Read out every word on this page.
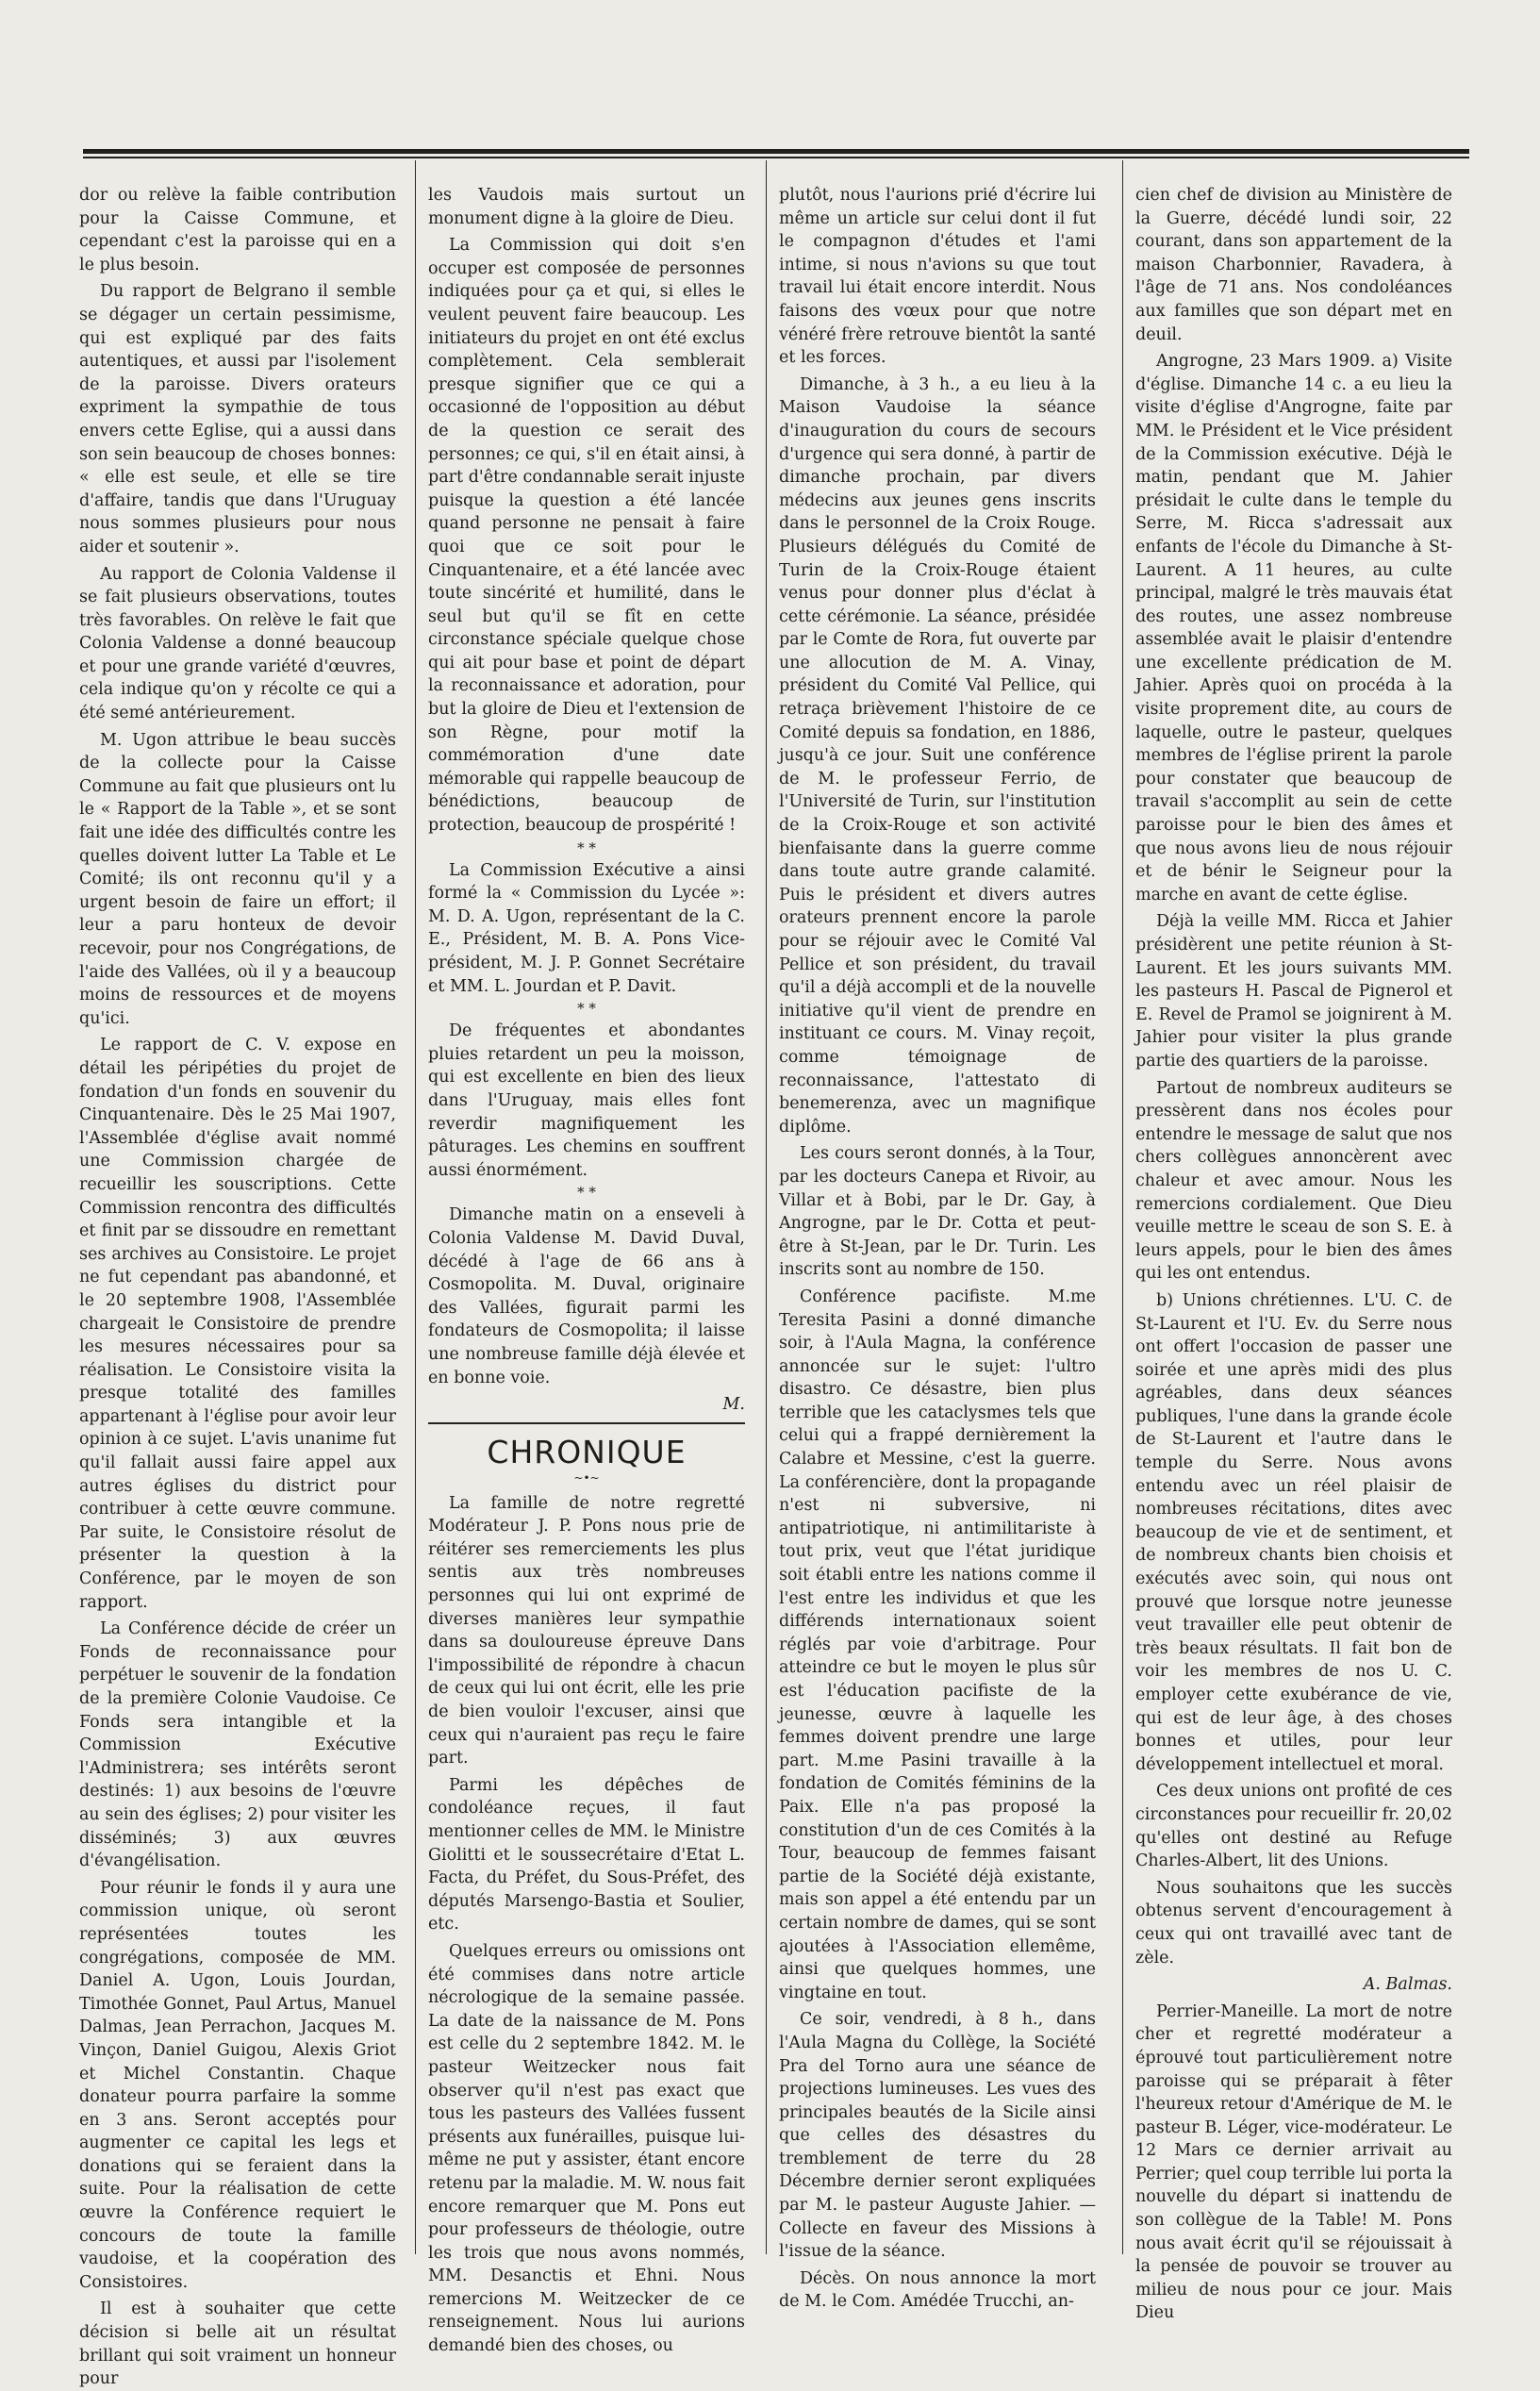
dor ou relève la faible contribution pour la Caisse Commune, et cependant c'est la paroisse qui en a le plus besoin.

Du rapport de Belgrano il semble se dégager un certain pessimisme, qui est expliqué par des faits autentiques, et aussi par l'isolement de la paroisse. Divers orateurs expriment la sympathie de tous envers cette Eglise, qui a aussi dans son sein beaucoup de choses bonnes: « elle est seule, et elle se tire d'affaire, tandis que dans l'Uruguay nous sommes plusieurs pour nous aider et soutenir ».

Au rapport de Colonia Valdense il se fait plusieurs observations, toutes très favorables. On relève le fait que Colonia Valdense a donné beaucoup et pour une grande variété d'œuvres, cela indique qu'on y récolte ce qui a été semé antérieurement.

M. Ugon attribue le beau succès de la collecte pour la Caisse Commune au fait que plusieurs ont lu le « Rapport de la Table », et se sont fait une idée des difficultés contre les quelles doivent lutter La Table et Le Comité; ils ont reconnu qu'il y a urgent besoin de faire un effort; il leur a paru honteux de devoir recevoir, pour nos Congrégations, de l'aide des Vallées, où il y a beaucoup moins de ressources et de moyens qu'ici.

Le rapport de C. V. expose en détail les péripéties du projet de fondation d'un fonds en souvenir du Cinquantenaire. Dès le 25 Mai 1907, l'Assemblée d'église avait nommé une Commission chargée de recueillir les souscriptions. Cette Commission rencontra des difficultés et finit par se dissoudre en remettant ses archives au Consistoire. Le projet ne fut cependant pas abandonné, et le 20 septembre 1908, l'Assemblée chargeait le Consistoire de prendre les mesures nécessaires pour sa réalisation. Le Consistoire visita la presque totalité des familles appartenant à l'église pour avoir leur opinion à ce sujet. L'avis unanime fut qu'il fallait aussi faire appel aux autres églises du district pour contribuer à cette œuvre commune. Par suite, le Consistoire résolut de présenter la question à la Conférence, par le moyen de son rapport.

La Conférence décide de créer un Fonds de reconnaissance pour perpétuer le souvenir de la fondation de la première Colonie Vaudoise. Ce Fonds sera intangible et la Commission Exécutive l'Administrera; ses intérêts seront destinés: 1) aux besoins de l'œuvre au sein des églises; 2) pour visiter les disséminés; 3) aux œuvres d'évangélisation.

Pour réunir le fonds il y aura une commission unique, où seront représentées toutes les congrégations, composée de MM. Daniel A. Ugon, Louis Jourdan, Timothée Gonnet, Paul Artus, Manuel Dalmas, Jean Perrachon, Jacques M. Vinçon, Daniel Guigou, Alexis Griot et Michel Constantin. Chaque donateur pourra parfaire la somme en 3 ans. Seront acceptés pour augmenter ce capital les legs et donations qui se feraient dans la suite. Pour la réalisation de cette œuvre la Conférence requiert le concours de toute la famille vaudoise, et la coopération des Consistoires.

Il est à souhaiter que cette décision si belle ait un résultat brillant qui soit vraiment un honneur pour

les Vaudois mais surtout un monument digne à la gloire de Dieu.

La Commission qui doit s'en occuper est composée de personnes indiquées pour ça et qui, si elles le veulent peuvent faire beaucoup. Les initiateurs du projet en ont été exclus complètement. Cela semblerait presque signifier que ce qui a occasionné de l'opposition au début de la question ce serait des personnes; ce qui, s'il en était ainsi, à part d'être condannable serait injuste puisque la question a été lancée quand personne ne pensait à faire quoi que ce soit pour le Cinquantenaire, et a été lancée avec toute sincérité et humilité, dans le seul but qu'il se fît en cette circonstance spéciale quelque chose qui ait pour base et point de départ la reconnaissance et adoration, pour but la gloire de Dieu et l'extension de son Règne, pour motif la commémoration d'une date mémorable qui rappelle beaucoup de bénédictions, beaucoup de protection, beaucoup de prospérité !

* *

La Commission Exécutive a ainsi formé la « Commission du Lycée »: M. D. A. Ugon, représentant de la C. E., Président, M. B. A. Pons Vice-président, M. J. P. Gonnet Secrétaire et MM. L. Jourdan et P. Davit.

* *

De fréquentes et abondantes pluies retardent un peu la moisson, qui est excellente en bien des lieux dans l'Uruguay, mais elles font reverdir magnifiquement les pâturages. Les chemins en souffrent aussi énormément.

* *

Dimanche matin on a enseveli à Colonia Valdense M. David Duval, décédé à l'age de 66 ans à Cosmopolita. M. Duval, originaire des Vallées, figurait parmi les fondateurs de Cosmopolita; il laisse une nombreuse famille déjà élevée et en bonne voie.

M.

CHRONIQUE
~•~

La famille de notre regretté Modérateur J. P. Pons nous prie de réitérer ses remerciements les plus sentis aux très nombreuses personnes qui lui ont exprimé de diverses manières leur sympathie dans sa douloureuse épreuve Dans l'impossibilité de répondre à chacun de ceux qui lui ont écrit, elle les prie de bien vouloir l'excuser, ainsi que ceux qui n'auraient pas reçu le faire part.

Parmi les dépêches de condoléance reçues, il faut mentionner celles de MM. le Ministre Giolitti et le soussecrétaire d'Etat L. Facta, du Préfet, du Sous-Préfet, des députés Marsengo-Bastia et Soulier, etc.

Quelques erreurs ou omissions ont été commises dans notre article nécrologique de la semaine passée. La date de la naissance de M. Pons est celle du 2 septembre 1842. M. le pasteur Weitzecker nous fait observer qu'il n'est pas exact que tous les pasteurs des Vallées fussent présents aux funérailles, puisque lui-même ne put y assister, étant encore retenu par la maladie. M. W. nous fait encore remarquer que M. Pons eut pour professeurs de théologie, outre les trois que nous avons nommés, MM. Desanctis et Ehni. Nous remercions M. Weitzecker de ce renseignement. Nous lui aurions demandé bien des choses, ou

plutôt, nous l'aurions prié d'écrire lui même un article sur celui dont il fut le compagnon d'études et l'ami intime, si nous n'avions su que tout travail lui était encore interdit. Nous faisons des vœux pour que notre vénéré frère retrouve bientôt la santé et les forces.

Dimanche, à 3 h., a eu lieu à la Maison Vaudoise la séance d'inauguration du cours de secours d'urgence qui sera donné, à partir de dimanche prochain, par divers médecins aux jeunes gens inscrits dans le personnel de la Croix Rouge. Plusieurs délégués du Comité de Turin de la Croix-Rouge étaient venus pour donner plus d'éclat à cette cérémonie. La séance, présidée par le Comte de Rora, fut ouverte par une allocution de M. A. Vinay, président du Comité Val Pellice, qui retraça brièvement l'histoire de ce Comité depuis sa fondation, en 1886, jusqu'à ce jour. Suit une conférence de M. le professeur Ferrio, de l'Université de Turin, sur l'institution de la Croix-Rouge et son activité bienfaisante dans la guerre comme dans toute autre grande calamité. Puis le président et divers autres orateurs prennent encore la parole pour se réjouir avec le Comité Val Pellice et son président, du travail qu'il a déjà accompli et de la nouvelle initiative qu'il vient de prendre en instituant ce cours. M. Vinay reçoit, comme témoignage de reconnaissance, l'attestato di benemerenza, avec un magnifique diplôme.

Les cours seront donnés, à la Tour, par les docteurs Canepa et Rivoir, au Villar et à Bobi, par le Dr. Gay, à Angrogne, par le Dr. Cotta et peut-être à St-Jean, par le Dr. Turin. Les inscrits sont au nombre de 150.

Conférence pacifiste. M.me Teresita Pasini a donné dimanche soir, à l'Aula Magna, la conférence annoncée sur le sujet: l'ultro disastro. Ce désastre, bien plus terrible que les cataclysmes tels que celui qui a frappé dernièrement la Calabre et Messine, c'est la guerre. La conférencière, dont la propagande n'est ni subversive, ni antipatriotique, ni antimilitariste à tout prix, veut que l'état juridique soit établi entre les nations comme il l'est entre les individus et que les différends internationaux soient réglés par voie d'arbitrage. Pour atteindre ce but le moyen le plus sûr est l'éducation pacifiste de la jeunesse, œuvre à laquelle les femmes doivent prendre une large part. M.me Pasini travaille à la fondation de Comités féminins de la Paix. Elle n'a pas proposé la constitution d'un de ces Comités à la Tour, beaucoup de femmes faisant partie de la Société déjà existante, mais son appel a été entendu par un certain nombre de dames, qui se sont ajoutées à l'Association ellemême, ainsi que quelques hommes, une vingtaine en tout.

Ce soir, vendredi, à 8 h., dans l'Aula Magna du Collège, la Société Pra del Torno aura une séance de projections lumineuses. Les vues des principales beautés de la Sicile ainsi que celles des désastres du tremblement de terre du 28 Décembre dernier seront expliquées par M. le pasteur Auguste Jahier. — Collecte en faveur des Missions à l'issue de la séance.

Décès. On nous annonce la mort de M. le Com. Amédée Trucchi, an-

cien chef de division au Ministère de la Guerre, décédé lundi soir, 22 courant, dans son appartement de la maison Charbonnier, Ravadera, à l'âge de 71 ans. Nos condoléances aux familles que son départ met en deuil.

Angrogne, 23 Mars 1909. a) Visite d'église. Dimanche 14 c. a eu lieu la visite d'église d'Angrogne, faite par MM. le Président et le Vice président de la Commission exécutive. Déjà le matin, pendant que M. Jahier présidait le culte dans le temple du Serre, M. Ricca s'adressait aux enfants de l'école du Dimanche à St-Laurent. A 11 heures, au culte principal, malgré le très mauvais état des routes, une assez nombreuse assemblée avait le plaisir d'entendre une excellente prédication de M. Jahier. Après quoi on procéda à la visite proprement dite, au cours de laquelle, outre le pasteur, quelques membres de l'église prirent la parole pour constater que beaucoup de travail s'accomplit au sein de cette paroisse pour le bien des âmes et que nous avons lieu de nous réjouir et de bénir le Seigneur pour la marche en avant de cette église.

Déjà la veille MM. Ricca et Jahier présidèrent une petite réunion à St-Laurent. Et les jours suivants MM. les pasteurs H. Pascal de Pignerol et E. Revel de Pramol se joignirent à M. Jahier pour visiter la plus grande partie des quartiers de la paroisse.

Partout de nombreux auditeurs se pressèrent dans nos écoles pour entendre le message de salut que nos chers collègues annoncèrent avec chaleur et avec amour. Nous les remercions cordialement. Que Dieu veuille mettre le sceau de son S. E. à leurs appels, pour le bien des âmes qui les ont entendus.

b) Unions chrétiennes. L'U. C. de St-Laurent et l'U. Ev. du Serre nous ont offert l'occasion de passer une soirée et une après midi des plus agréables, dans deux séances publiques, l'une dans la grande école de St-Laurent et l'autre dans le temple du Serre. Nous avons entendu avec un réel plaisir de nombreuses récitations, dites avec beaucoup de vie et de sentiment, et de nombreux chants bien choisis et exécutés avec soin, qui nous ont prouvé que lorsque notre jeunesse veut travailler elle peut obtenir de très beaux résultats. Il fait bon de voir les membres de nos U. C. employer cette exubérance de vie, qui est de leur âge, à des choses bonnes et utiles, pour leur développement intellectuel et moral.

Ces deux unions ont profité de ces circonstances pour recueillir fr. 20,02 qu'elles ont destiné au Refuge Charles-Albert, lit des Unions.

Nous souhaitons que les succès obtenus servent d'encouragement à ceux qui ont travaillé avec tant de zèle.

A. Balmas.

Perrier-Maneille. La mort de notre cher et regretté modérateur a éprouvé tout particulièrement notre paroisse qui se préparait à fêter l'heureux retour d'Amérique de M. le pasteur B. Léger, vice-modérateur. Le 12 Mars ce dernier arrivait au Perrier; quel coup terrible lui porta la nouvelle du départ si inattendu de son collègue de la Table! M. Pons nous avait écrit qu'il se réjouissait à la pensée de pouvoir se trouver au milieu de nous pour ce jour. Mais Dieu
